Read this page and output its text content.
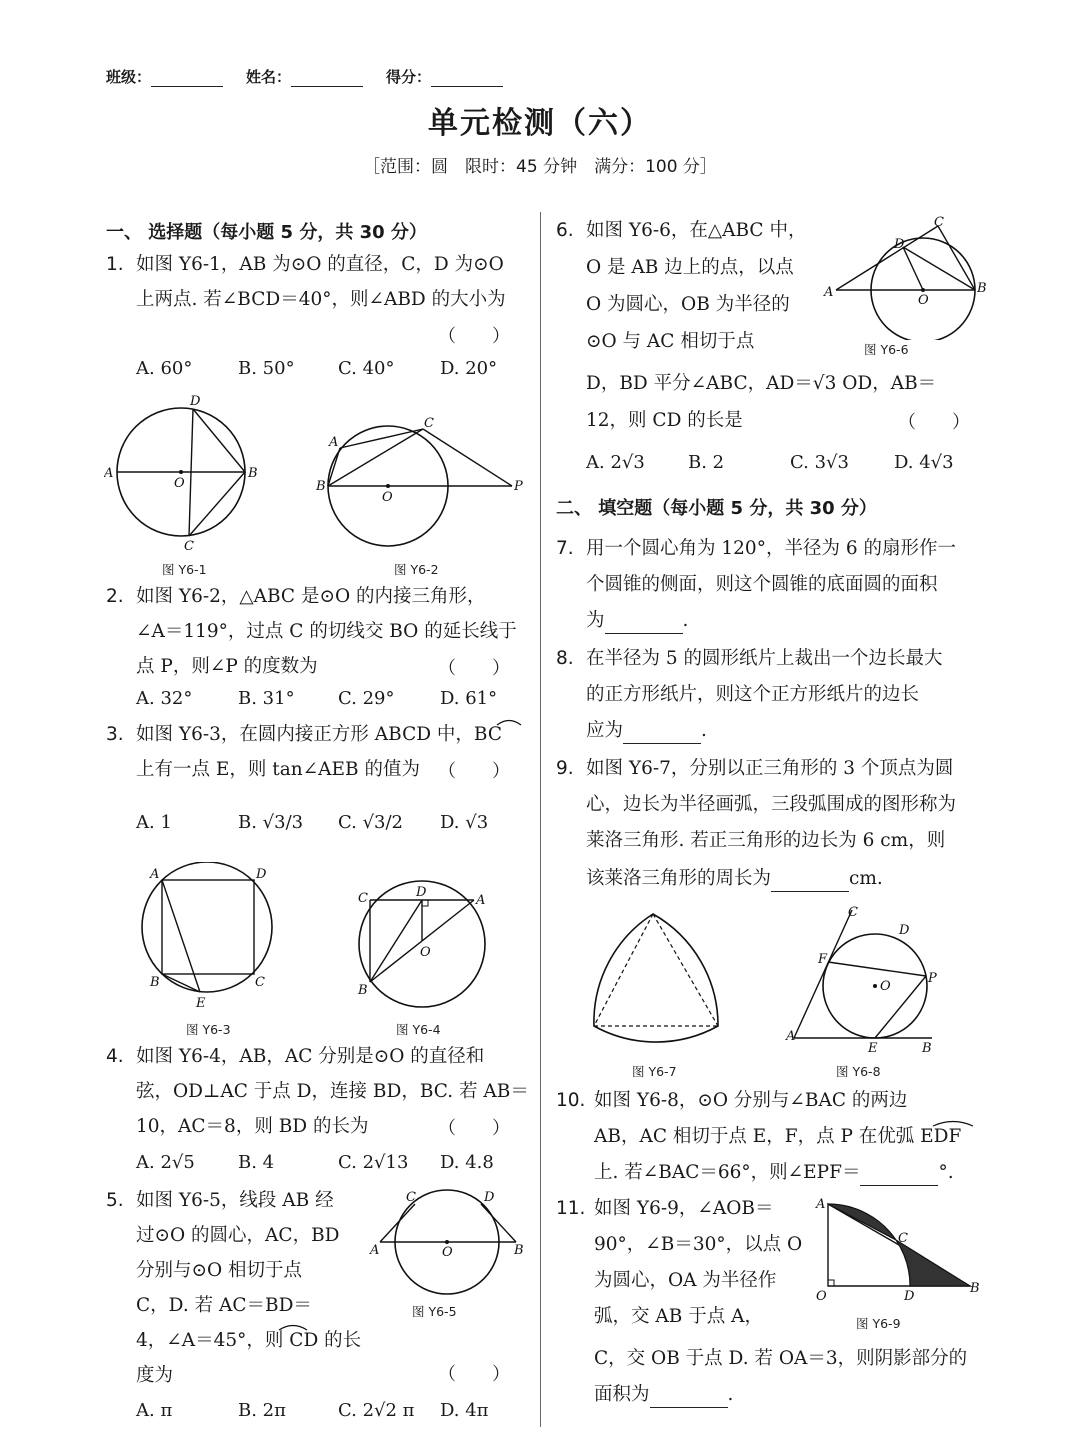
班级：	姓名：	得分：
单元检测（六）
［范围：圆　限时：45 分钟　满分：100 分］
一、 选择题（每小题 5 分，共 30 分）
1. 如图 Y6-1，AB 为⊙O 的直径，C，D 为⊙O
上两点. 若∠BCD＝40°，则∠ABD 的大小为
（　　）
A. 60°	B. 50° C. 40°	D. 20°
A	B
D
C
O
图 Y6-1
A
C
B	P
O
图 Y6-2
2. 如图 Y6-2，△ABC 是⊙O 的内接三角形，
∠A＝119°，过点 C 的切线交 BO 的延长线于
点 P，则∠P 的度数为	（　　）
A. 32°	B. 31° C. 29°	D. 61°
3. 如图 Y6-3，在圆内接正方形 ABCD 中，BC
上有一点 E，则 tan∠AEB 的值为 （　　）
A. 1	B. √3/3 C. √3/2 D. √3
A	D
B	C
E
图 Y6-3
C	D
A
B
O
图 Y6-4
4. 如图 Y6-4，AB，AC 分别是⊙O 的直径和
弦，OD⊥AC 于点 D，连接 BD，BC. 若 AB＝
10，AC＝8，则 BD 的长为	（　　）
A. 2√5 B. 4	C. 2√13 D. 4.8
5. 如图 Y6-5，线段 AB 经
过⊙O 的圆心，AC，BD
分别与⊙O 相切于点
C，D. 若 AC＝BD＝
4，∠A＝45°，则 CD 的长
度为	（　　）
A. π	B. 2π	C. 2√2 π D. 4π
C	D
A	B
O
图 Y6-5
6. 如图 Y6-6，在△ABC 中，
O 是 AB 边上的点，以点
O 为圆心，OB 为半径的
⊙O 与 AC 相切于点
D，BD 平分∠ABC，AD＝√3 OD，AB＝
12，则 CD 的长是	（　　）
A. 2√3 B. 2	C. 3√3	D. 4√3
A	B
C
D
O
图 Y6-6
二、 填空题（每小题 5 分，共 30 分）
7. 用一个圆心角为 120°，半径为 6 的扇形作一
个圆锥的侧面，则这个圆锥的底面圆的面积
为	.
8. 在半径为 5 的圆形纸片上裁出一个边长最大
的正方形纸片，则这个正方形纸片的边长
应为	.
9. 如图 Y6-7，分别以正三角形的 3 个顶点为圆
心，边长为半径画弧，三段弧围成的图形称为
莱洛三角形. 若正三角形的边长为 6 cm，则
该莱洛三角形的周长为	cm.
图 Y6-7
C
D
F
P
O
A
E	B
图 Y6-8
10. 如图 Y6-8，⊙O 分别与∠BAC 的两边
AB，AC 相切于点 E，F，点 P 在优弧 EDF
上. 若∠BAC＝66°，则∠EPF＝	°.
11. 如图 Y6-9，∠AOB＝
90°，∠B＝30°，以点 O
为圆心，OA 为半径作
弧，交 AB 于点 A，
C，交 OB 于点 D. 若 OA＝3，则阴影部分的
面积为	.
A
C
O	D
B
图 Y6-9
